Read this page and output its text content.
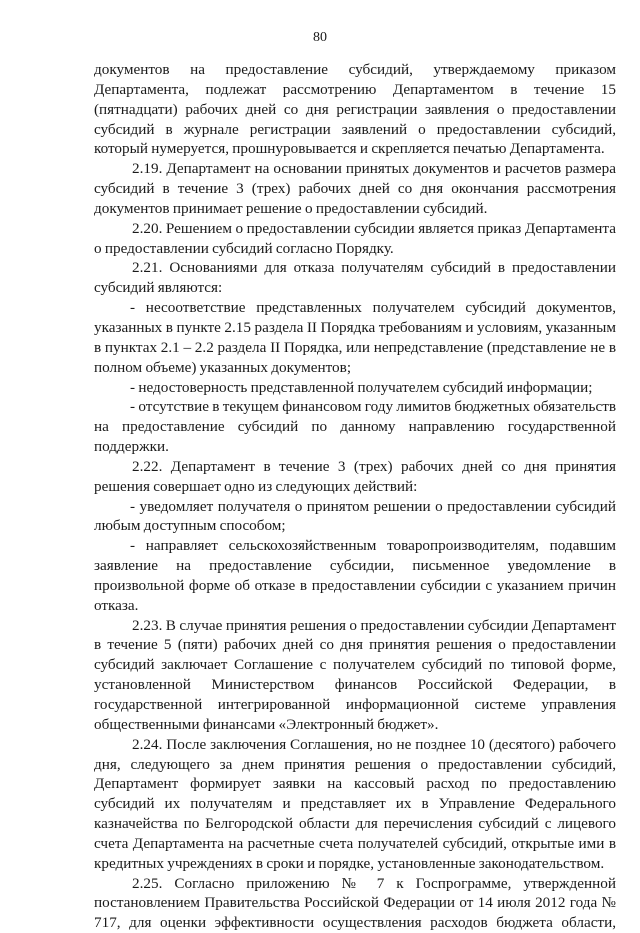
80

документов на предоставление субсидий, утверждаемому приказом Департамента, подлежат рассмотрению Департаментом в течение 15 (пятнадцати) рабочих дней со дня регистрации заявления о предоставлении субсидий в журнале регистрации заявлений о предоставлении субсидий, который нумеруется, прошнуровывается и скрепляется печатью Департамента.

2.19. Департамент на основании принятых документов и расчетов размера субсидий в течение 3 (трех) рабочих дней со дня окончания рассмотрения документов принимает решение о предоставлении субсидий.

2.20. Решением о предоставлении субсидии является приказ Департамента о предоставлении субсидий согласно Порядку.

2.21. Основаниями для отказа получателям субсидий в предоставлении субсидий являются:

- несоответствие представленных получателем субсидий документов, указанных в пункте 2.15 раздела II Порядка требованиям и условиям, указанным в пунктах 2.1 – 2.2 раздела II Порядка, или непредставление (представление не в полном объеме) указанных документов;

- недостоверность представленной получателем субсидий информации;

- отсутствие в текущем финансовом году лимитов бюджетных обязательств на предоставление субсидий по данному направлению государственной поддержки.

2.22. Департамент в течение 3 (трех) рабочих дней со дня принятия решения совершает одно из следующих действий:

- уведомляет получателя о принятом решении о предоставлении субсидий любым доступным способом;

- направляет сельскохозяйственным товаропроизводителям, подавшим заявление на предоставление субсидии, письменное уведомление в произвольной форме об отказе в предоставлении субсидии с указанием причин отказа.

2.23. В случае принятия решения о предоставлении субсидии Департамент в течение 5 (пяти) рабочих дней со дня принятия решения о предоставлении субсидий заключает Соглашение с получателем субсидий по типовой форме, установленной Министерством финансов Российской Федерации, в государственной интегрированной информационной системе управления общественными финансами «Электронный бюджет».

2.24. После заключения Соглашения, но не позднее 10 (десятого) рабочего дня, следующего за днем принятия решения о предоставлении субсидий, Департамент формирует заявки на кассовый расход по предоставлению субсидий их получателям и представляет их в Управление Федерального казначейства по Белгородской области для перечисления субсидий с лицевого счета Департамента на расчетные счета получателей субсидий, открытые ими в кредитных учреждениях в сроки и порядке, установленные законодательством.

2.25. Согласно приложению № 7 к Госпрограмме, утвержденной постановлением Правительства Российской Федерации от 14 июля 2012 года № 717, для оценки эффективности осуществления расходов бюджета области,
